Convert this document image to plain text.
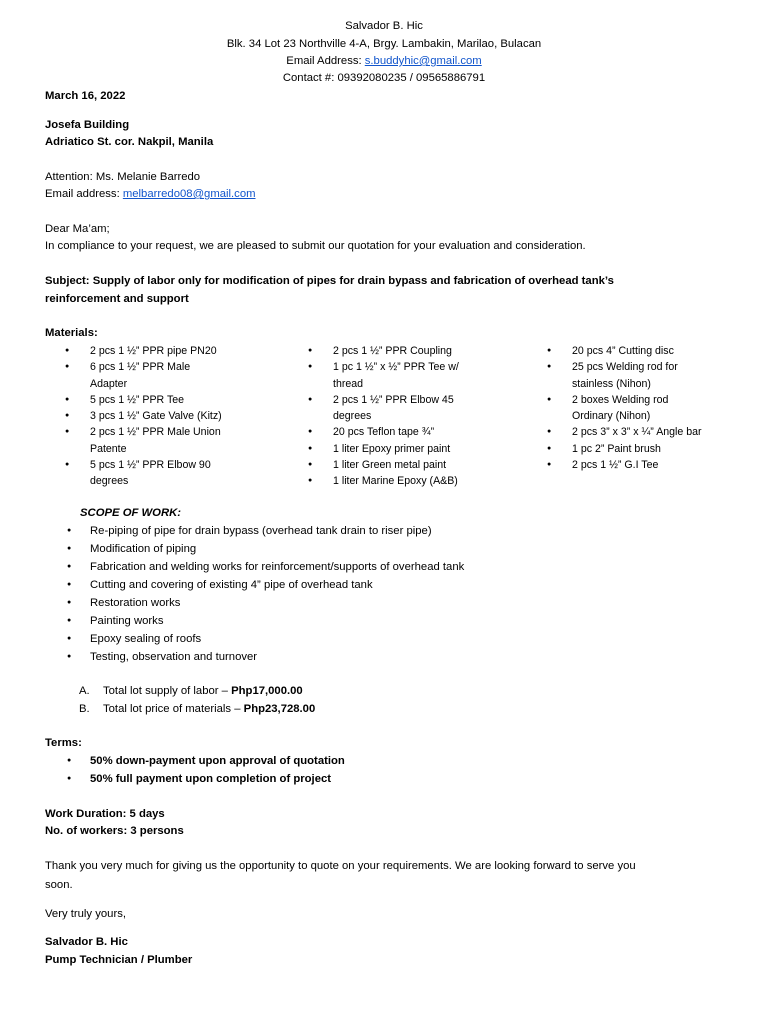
Salvador B. Hic
Blk. 34 Lot 23 Northville 4-A, Brgy. Lambakin, Marilao, Bulacan
Email Address: s.buddyhic@gmail.com
Contact #: 09392080235 / 09565886791
March 16, 2022
Josefa Building
Adriatico St. cor. Nakpil, Manila
Attention: Ms. Melanie Barredo
Email address: melbarredo08@gmail.com
Dear Ma’am;
In compliance to your request, we are pleased to submit our quotation for your evaluation and consideration.
Subject: Supply of labor only for modification of pipes for drain bypass and fabrication of overhead tank’s
reinforcement and support
Materials:
● 2 pcs 1 ½” PPR pipe PN20
● 6 pcs 1 ½” PPR Male
Adapter
● 5 pcs 1 ½” PPR Tee
● 3 pcs 1 ½” Gate Valve (Kitz)
● 2 pcs 1 ½” PPR Male Union
Patente
● 5 pcs 1 ½” PPR Elbow 90
degrees
● 2 pcs 1 ½” PPR Coupling
● 1 pc 1 ½” x ½” PPR Tee w/
thread
● 2 pcs 1 ½” PPR Elbow 45
degrees
● 20 pcs Teflon tape ¾”
● 1 liter Epoxy primer paint
● 1 liter Green metal paint
● 1 liter Marine Epoxy (A&B)
● 20 pcs 4” Cutting disc
● 25 pcs Welding rod for
stainless (Nihon)
● 2 boxes Welding rod
Ordinary (Nihon)
● 2 pcs 3” x 3” x ¼” Angle bar
● 1 pc 2” Paint brush
● 2 pcs 1 ½” G.I Tee
SCOPE OF WORK:
● Re-piping of pipe for drain bypass (overhead tank drain to riser pipe)
● Modification of piping
● Fabrication and welding works for reinforcement/supports of overhead tank
● Cutting and covering of existing 4” pipe of overhead tank
● Restoration works
● Painting works
● Epoxy sealing of roofs
● Testing, observation and turnover
A. Total lot supply of labor – Php17,000.00
B. Total lot price of materials – Php23,728.00
Terms:
● 50% down-payment upon approval of quotation
● 50% full payment upon completion of project
Work Duration: 5 days
No. of workers: 3 persons
Thank you very much for giving us the opportunity to quote on your requirements. We are looking forward to serve you
soon.
Very truly yours,
Salvador B. Hic
Pump Technician / Plumber
